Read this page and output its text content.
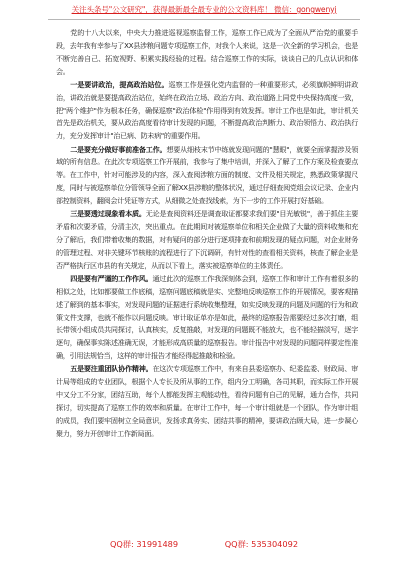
关注头条号"公文研究"，获得最新最全最专业的公文资料库！ 微信：gongwenyj

党的十八大以来，中央大力推进巡视巡察监督工作，巡察工作已成为了全面从严治党的重要手段，去年我有幸参与了XX县涉粮问题专项巡察工作，对我个人来说，这是一次全新的学习机会，也是不断完善自己、拓宽视野、积累实践经验的过程。结合巡察工作的实际，谈谈自己的几点认识和体会。

一是要讲政治，提高政治站位。巡察工作是强化党内监督的一种重要形式，必须旗帜鲜明讲政治，讲政治就是要提高政治站位，始终在政治立场、政治方向、政治道路上同党中央保持高度一致，把"两个维护"作为根本任务，确保巡察"政治体检"作用得到有效发挥。审计工作也是如此，审计机关首先是政治机关，要从政治高度看待审计发现的问题，不断提高政治判断力、政治领悟力、政治执行力，充分发挥审计"治已病、防未病"的重要作用。

二是要充分做好事前准备工作。想要从细枝末节中练就发现问题的"慧眼"，就要全面掌握涉及领域的所有信息。在此次专项巡察工作开展前，我参与了集中培训，并深入了解了工作方案及检查要点等。在工作中，针对可能涉及的内容，深入查阅涉粮方面的制度、文件及相关规定，熟悉政策掌握尺度，同时与被巡察单位分管领导全面了解XX县涉粮的整体状况，通过仔细查阅党组会议记录、企业内部控制资料，翻阅会计凭证等方式，从细微之处查找线索，为下一步的工作开展打好基础。

三是要透过现象看本质。无论是查阅资料还是调查取证都要求我们要"目光敏锐"，善于抓住主要矛盾和次要矛盾，分清主次，突出重点。在此期间对被巡察单位和相关企业做了大量的资料收集和充分了解后，我们带着收集的数据，对有疑问的部分进行逐项排查和前期发现的疑点问题，对企业财务的管理过程、对非关键环节核账的流程进行了下沉调研，有针对性的查看相关资料，核查了解企业是否严格执行区市县的有关规定，从而以下看上，落实被巡察单位的主体责任。

四是要有严谨的工作作风。通过此次的巡察工作我深刻体会到，巡察工作和审计工作有着很多的相似之处，比如都要做工作底稿，巡察问题底稿就是实、完整地反映巡察工作的开展情况，要客观描述了解到的基本事实，对发现问题的证据进行系统收集整理，如实反映发现的问题及问题的行为和政策文件支撑，也就不能作以问题反映。审计取证单亦是如此，最终的巡察报告需要经过多次打磨，组长带领小组成员共同探讨，认真核实，反复推敲，对发现的问题既不能放大，也不能轻描淡写，逐字逐句，确保事实陈述准确无误，才能形成高质量的巡察报告。审计报告中对发现的问题同样要定性准确，引用法规恰当，这样的审计报告才能经得起推敲和检验。

五是要注重团队协作精神。在这次专项巡察工作中，有来自县委巡察办、纪委监委、财政局、审计局等组成的专业团队，根据个人专长及所从事的工作，组内分工明确，各司其职，而实际工作开展中又分工不分家，团结互助，每个人都能发挥主观能动性，看待问题有自己的见解，通力合作，共同探讨，切实提高了巡察工作的效率和质量。在审计工作中，每一个审计组就是一个团队，作为审计组的成员，我们要牢固树立全局意识，发扬求真务实、团结共事的精神，要讲政治顾大局，进一步凝心聚力，努力开创审计工作新局面。

QQ群: 31991489	QQ群: 535304092
